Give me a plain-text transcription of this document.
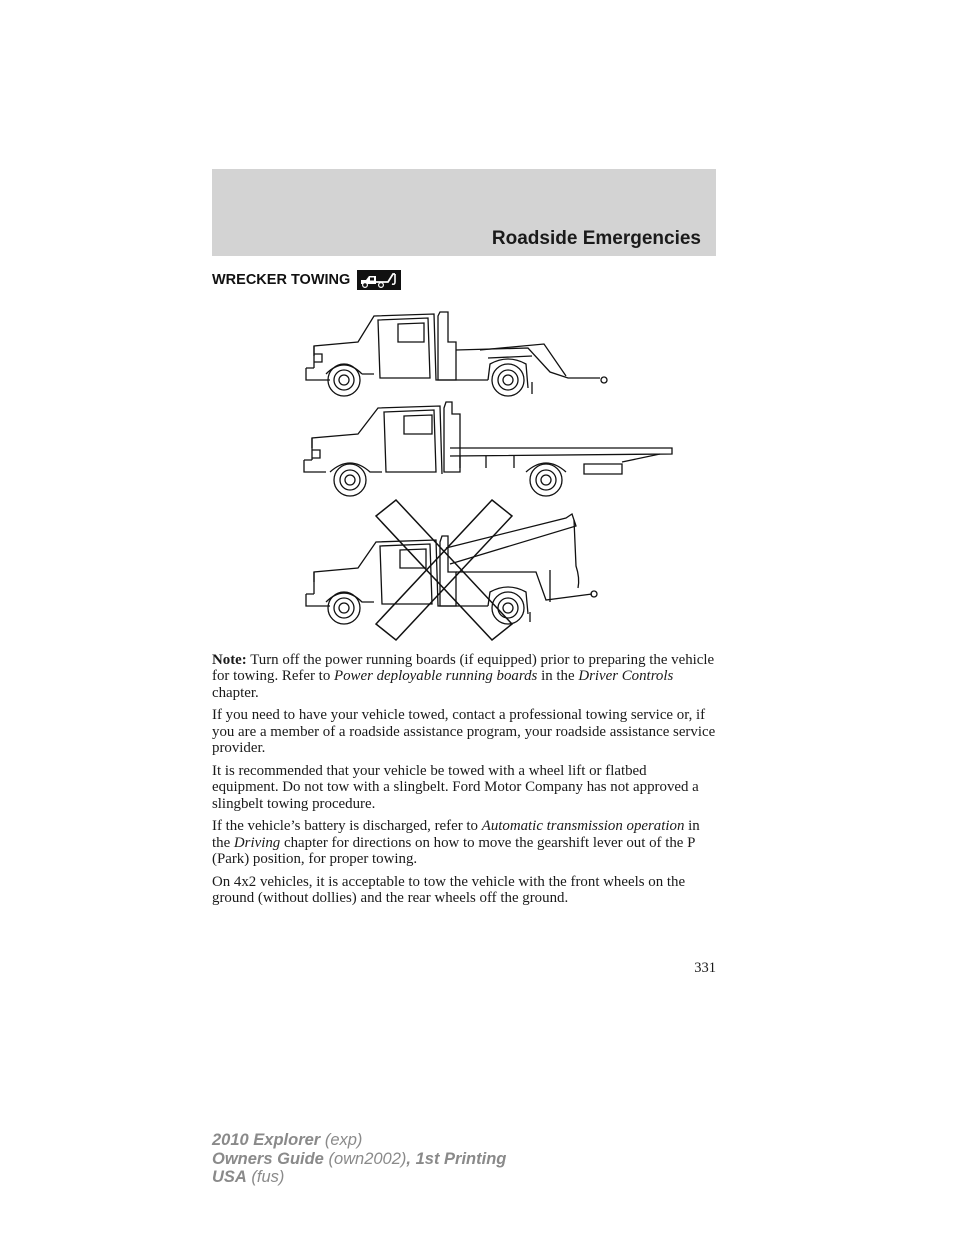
Roadside Emergencies
WRECKER TOWING

Note: Turn off the power running boards (if equipped) prior to preparing the vehicle for towing. Refer to Power deployable running boards in the Driver Controls chapter.

If you need to have your vehicle towed, contact a professional towing service or, if you are a member of a roadside assistance program, your roadside assistance service provider.

It is recommended that your vehicle be towed with a wheel lift or flatbed equipment. Do not tow with a slingbelt. Ford Motor Company has not approved a slingbelt towing procedure.

If the vehicle’s battery is discharged, refer to Automatic transmission operation in the Driving chapter for directions on how to move the gearshift lever out of the P (Park) position, for proper towing.

On 4x2 vehicles, it is acceptable to tow the vehicle with the front wheels on the ground (without dollies) and the rear wheels off the ground.

331
2010 Explorer (exp)
Owners Guide (own2002), 1st Printing
USA (fus)
